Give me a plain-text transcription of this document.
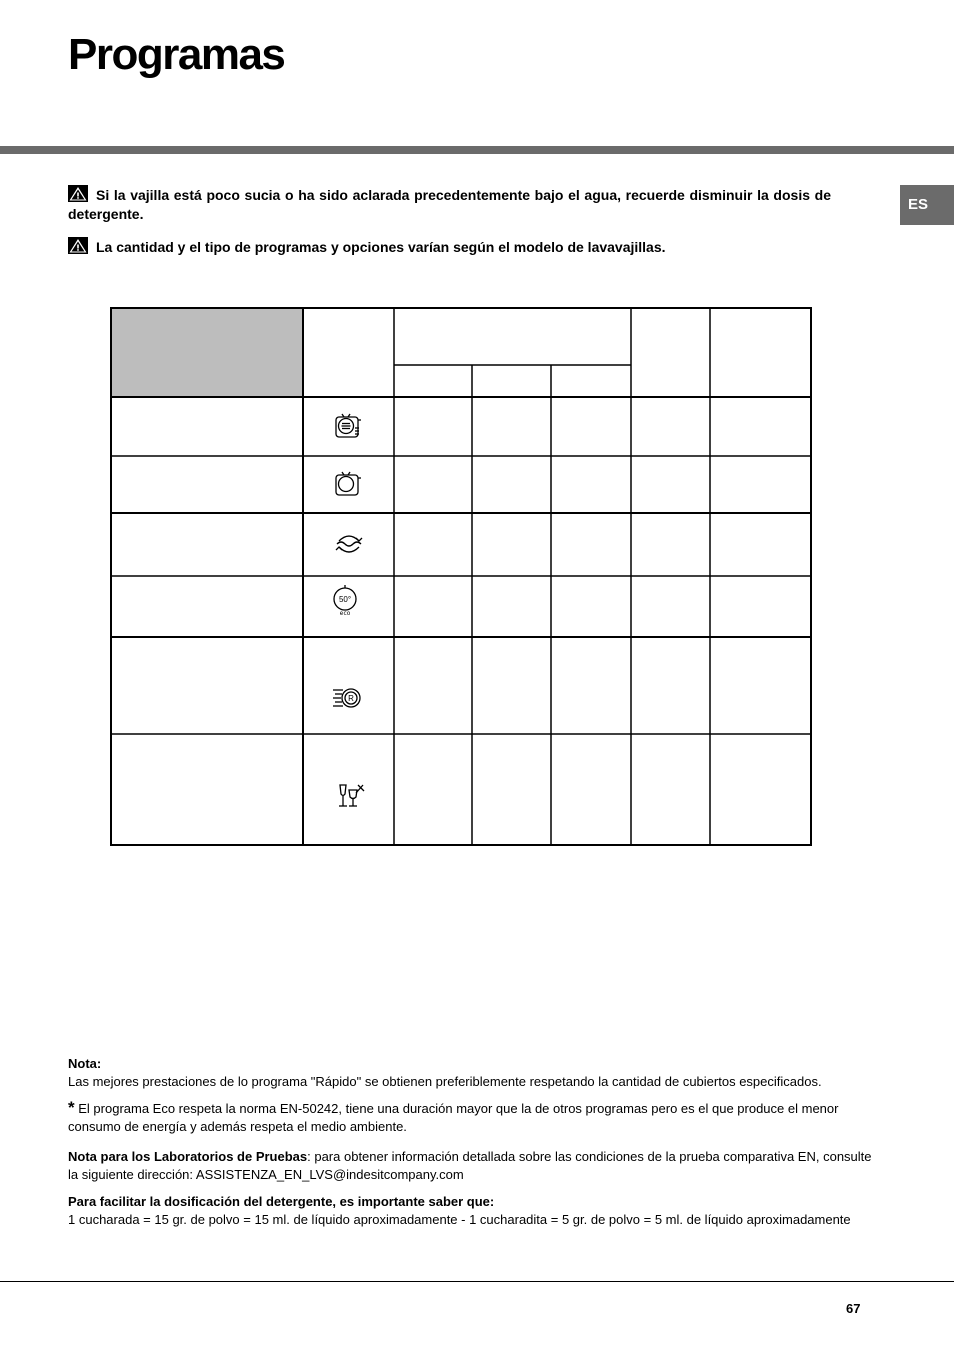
Programas
ES
Si la vajilla está poco sucia o ha sido aclarada precedentemente bajo el agua, recuerde disminuir la dosis de detergente.
La cantidad y el tipo de programas y opciones varían según el modelo de lavavajillas.
50°
eco
R
Nota:
Las mejores prestaciones de lo programa "Rápido" se obtienen preferiblemente respetando la cantidad de cubiertos especificados.
* El programa Eco respeta la norma EN-50242, tiene una duración mayor que la de otros programas pero es el que produce el menor consumo de energía y además respeta el medio ambiente.
Nota para los Laboratorios de Pruebas: para obtener información detallada sobre las condiciones de la prueba comparativa EN, consulte la siguiente dirección: ASSISTENZA_EN_LVS@indesitcompany.com
Para facilitar la dosificación del detergente, es importante saber que:
1 cucharada = 15 gr. de polvo = 15 ml. de líquido aproximadamente - 1 cucharadita = 5 gr. de polvo = 5 ml. de líquido aproximadamente
67
